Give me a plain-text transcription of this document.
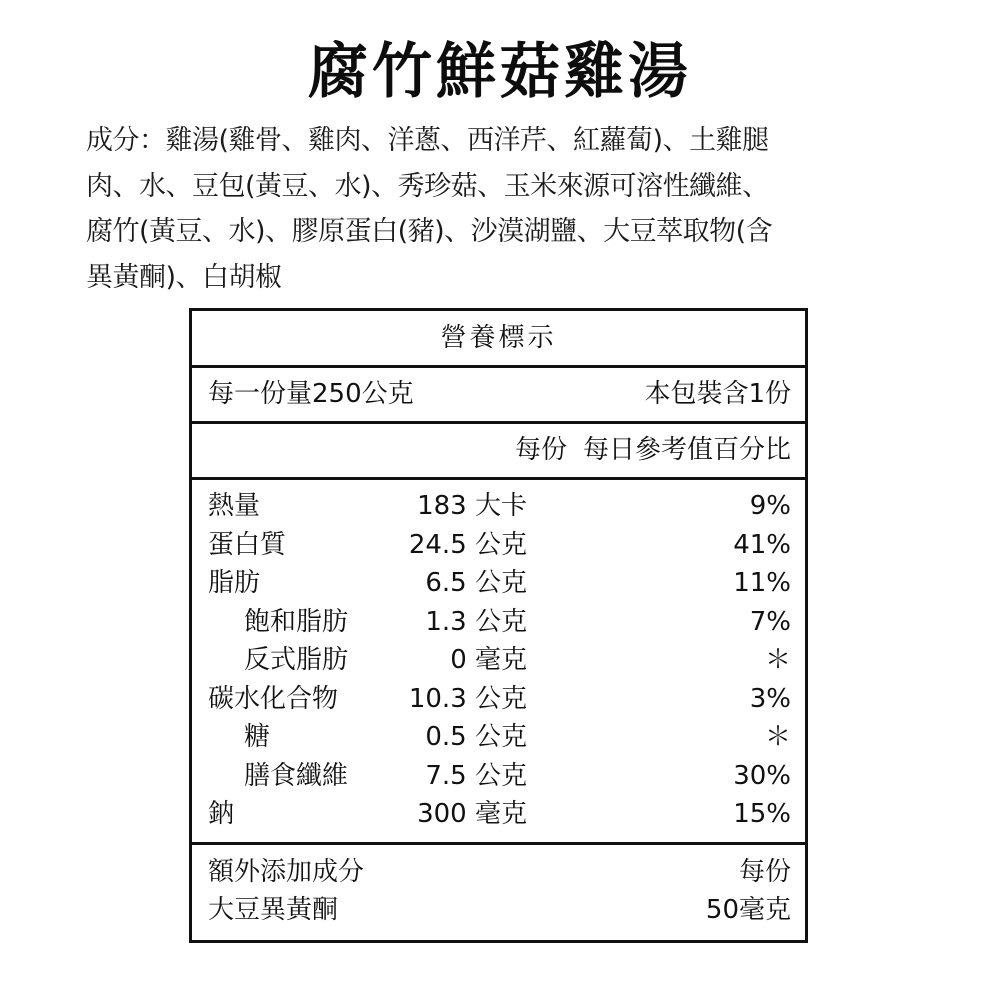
腐竹鮮菇雞湯
成分：雞湯(雞骨、雞肉、洋蔥、西洋芹、紅蘿蔔)、土雞腿
肉、水、豆包(黃豆、水)、秀珍菇、玉米來源可溶性纖維、
腐竹(黃豆、水)、膠原蛋白(豬)、沙漠湖鹽、大豆萃取物(含
異黃酮)、白胡椒
營養標示
每一份量250公克	本包裝含1份
每份 每日參考值百分比
熱量	183 大卡	9%
蛋白質	24.5 公克	41%
脂肪	6.5 公克	11%
飽和脂肪	1.3 公克	7%
反式脂肪	0 毫克	＊
碳水化合物	10.3 公克	3%
糖	0.5 公克	＊
膳食纖維	7.5 公克	30%
鈉	300 毫克	15%
額外添加成分	每份
大豆異黃酮	50毫克
